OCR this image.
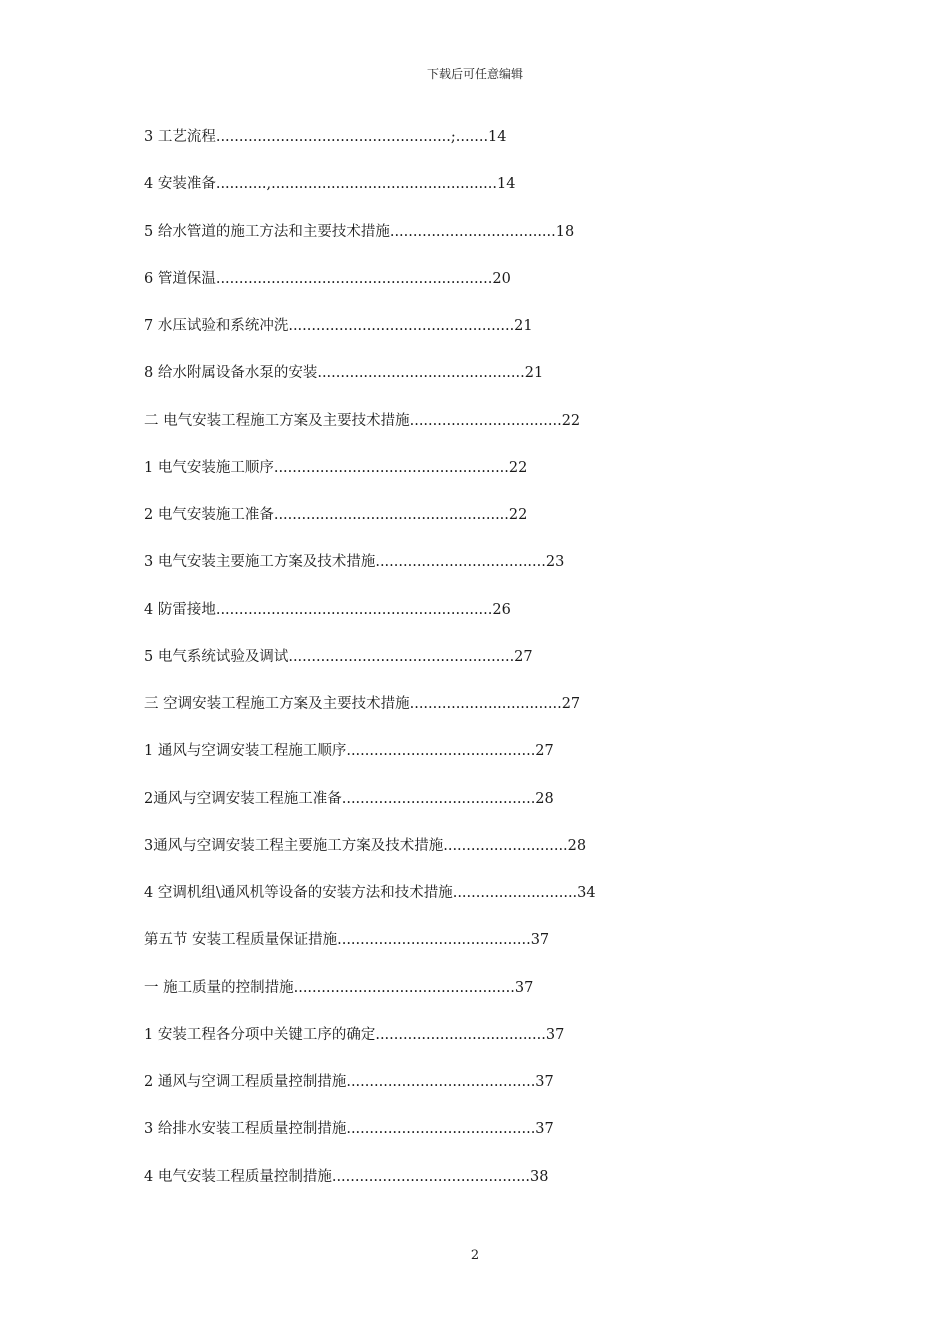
下载后可任意编辑
3 工艺流程...................................................;.......14
4 安装准备...........,.................................................14
5 给水管道的施工方法和主要技术措施....................................18
6 管道保温............................................................20
7 水压试验和系统冲洗.................................................21
8 给水附属设备水泵的安装.............................................21
二 电气安装工程施工方案及主要技术措施.................................22
1 电气安装施工顺序...................................................22
2 电气安装施工准备...................................................22
3 电气安装主要施工方案及技术措施.....................................23
4 防雷接地............................................................26
5 电气系统试验及调试.................................................27
三 空调安装工程施工方案及主要技术措施.................................27
1 通风与空调安装工程施工顺序.........................................27
2通风与空调安装工程施工准备..........................................28
3通风与空调安装工程主要施工方案及技术措施...........................28
4 空调机组\通风机等设备的安装方法和技术措施...........................34
第五节 安装工程质量保证措施..........................................37
一 施工质量的控制措施................................................37
1 安装工程各分项中关键工序的确定.....................................37
2 通风与空调工程质量控制措施.........................................37
3 给排水安装工程质量控制措施.........................................37
4 电气安装工程质量控制措施...........................................38
2
